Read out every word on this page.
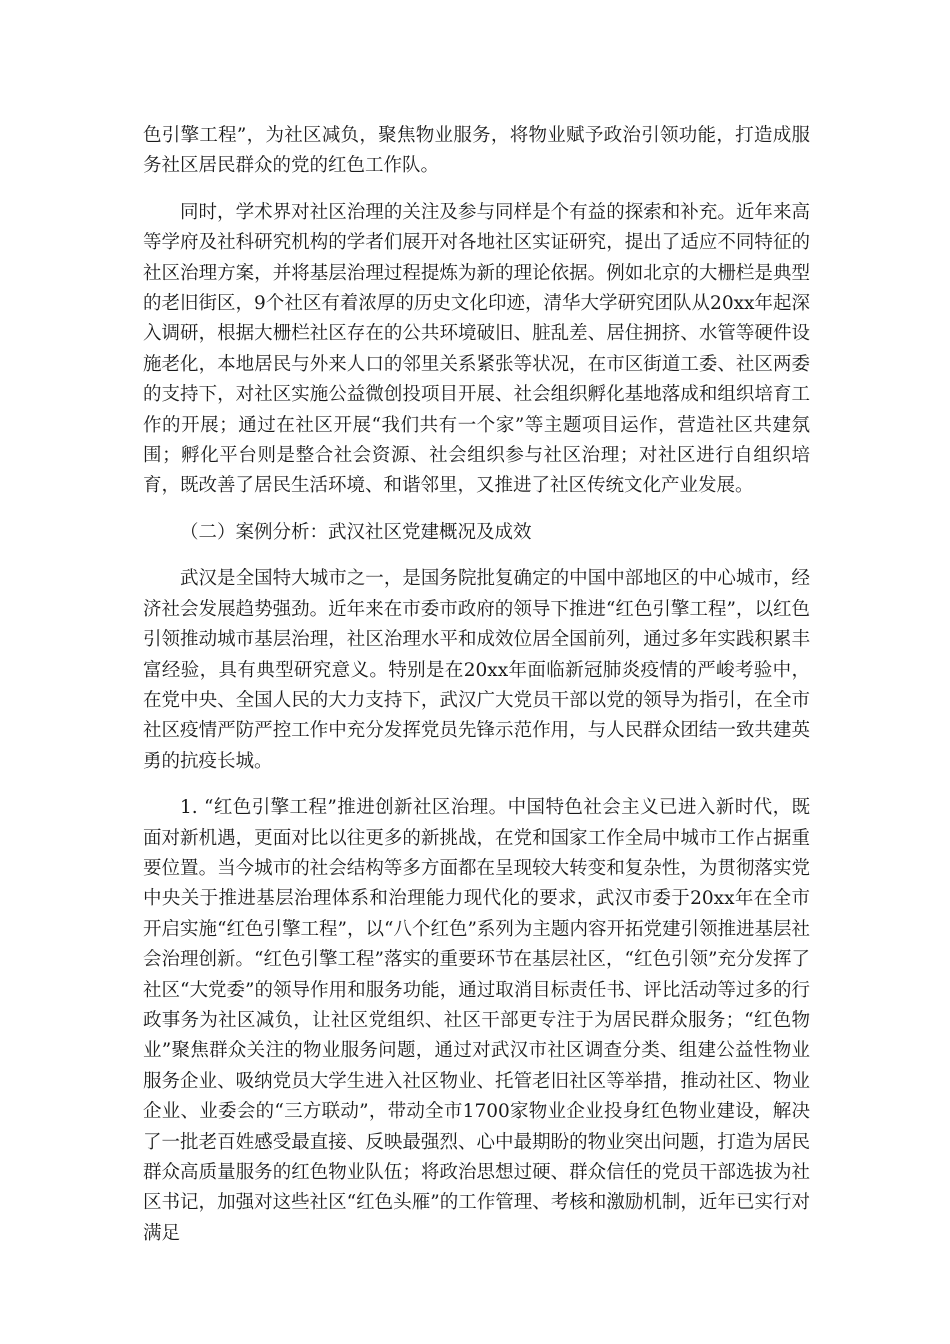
色引擎工程”，为社区减负，聚焦物业服务，将物业赋予政治引领功能，打造成服务社区居民群众的党的红色工作队。

同时，学术界对社区治理的关注及参与同样是个有益的探索和补充。近年来高等学府及社科研究机构的学者们展开对各地社区实证研究，提出了适应不同特征的社区治理方案，并将基层治理过程提炼为新的理论依据。例如北京的大栅栏是典型的老旧街区，9个社区有着浓厚的历史文化印迹，清华大学研究团队从20xx年起深入调研，根据大栅栏社区存在的公共环境破旧、脏乱差、居住拥挤、水管等硬件设施老化，本地居民与外来人口的邻里关系紧张等状况，在市区街道工委、社区两委的支持下，对社区实施公益微创投项目开展、社会组织孵化基地落成和组织培育工作的开展；通过在社区开展“我们共有一个家”等主题项目运作，营造社区共建氛围；孵化平台则是整合社会资源、社会组织参与社区治理；对社区进行自组织培育，既改善了居民生活环境、和谐邻里，又推进了社区传统文化产业发展。

（二）案例分析：武汉社区党建概况及成效

武汉是全国特大城市之一，是国务院批复确定的中国中部地区的中心城市，经济社会发展趋势强劲。近年来在市委市政府的领导下推进“红色引擎工程”，以红色引领推动城市基层治理，社区治理水平和成效位居全国前列，通过多年实践积累丰富经验，具有典型研究意义。特别是在20xx年面临新冠肺炎疫情的严峻考验中，在党中央、全国人民的大力支持下，武汉广大党员干部以党的领导为指引，在全市社区疫情严防严控工作中充分发挥党员先锋示范作用，与人民群众团结一致共建英勇的抗疫长城。

1. “红色引擎工程”推进创新社区治理。中国特色社会主义已进入新时代，既面对新机遇，更面对比以往更多的新挑战，在党和国家工作全局中城市工作占据重要位置。当今城市的社会结构等多方面都在呈现较大转变和复杂性，为贯彻落实党中央关于推进基层治理体系和治理能力现代化的要求，武汉市委于20xx年在全市开启实施“红色引擎工程”，以“八个红色”系列为主题内容开拓党建引领推进基层社会治理创新。“红色引擎工程”落实的重要环节在基层社区，“红色引领”充分发挥了社区“大党委”的领导作用和服务功能，通过取消目标责任书、评比活动等过多的行政事务为社区减负，让社区党组织、社区干部更专注于为居民群众服务；“红色物业”聚焦群众关注的物业服务问题，通过对武汉市社区调查分类、组建公益性物业服务企业、吸纳党员大学生进入社区物业、托管老旧社区等举措，推动社区、物业企业、业委会的“三方联动”，带动全市1700家物业企业投身红色物业建设，解决了一批老百姓感受最直接、反映最强烈、心中最期盼的物业突出问题，打造为居民群众高质量服务的红色物业队伍；将政治思想过硬、群众信任的党员干部选拔为社区书记，加强对这些社区“红色头雁”的工作管理、考核和激励机制，近年已实行对满足
